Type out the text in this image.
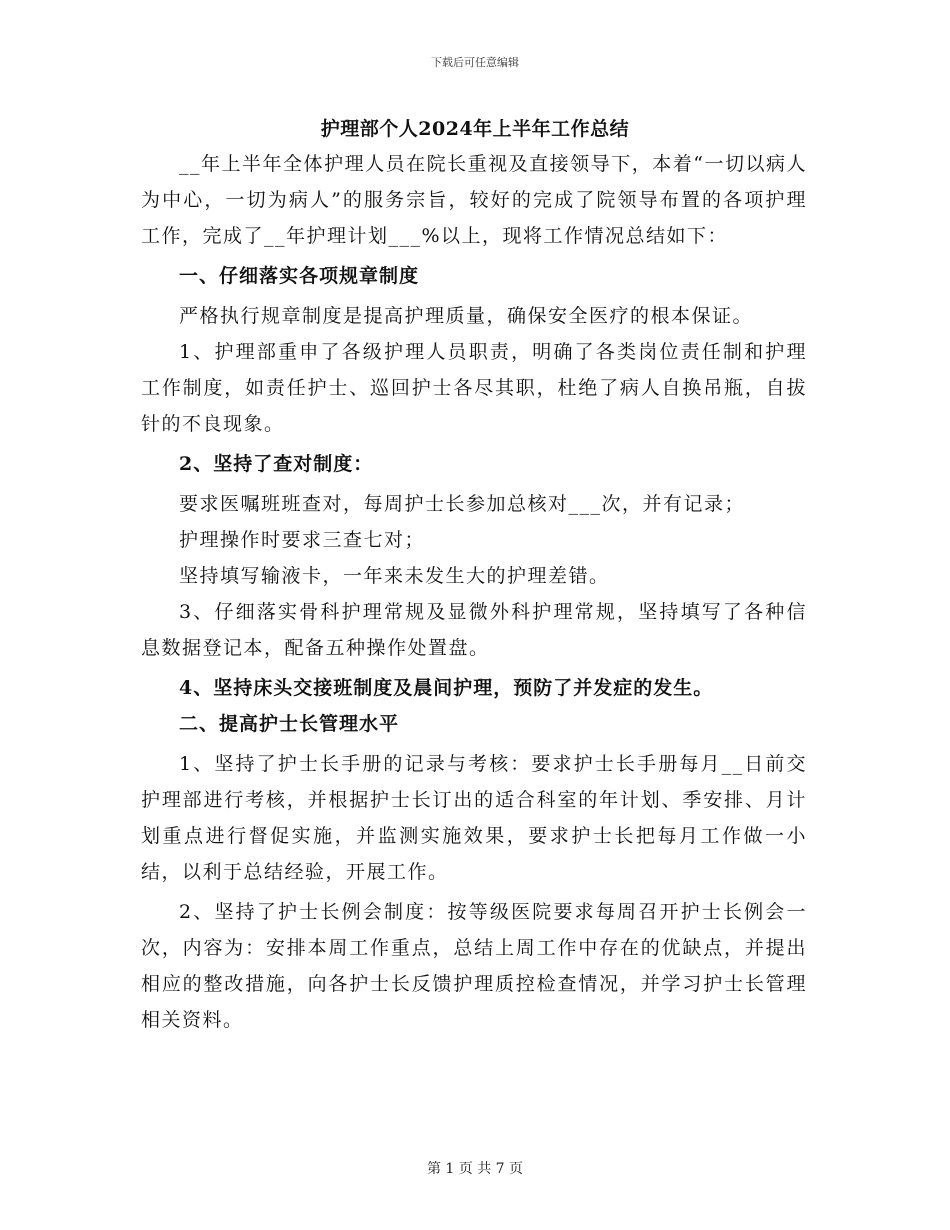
下载后可任意编辑
护理部个人2024年上半年工作总结

__年上半年全体护理人员在院长重视及直接领导下，本着“一切以病人为中心，一切为病人”的服务宗旨，较好的完成了院领导布置的各项护理工作，完成了__年护理计划___%以上，现将工作情况总结如下：

一、仔细落实各项规章制度

严格执行规章制度是提高护理质量，确保安全医疗的根本保证。

1、护理部重申了各级护理人员职责，明确了各类岗位责任制和护理工作制度，如责任护士、巡回护士各尽其职，杜绝了病人自换吊瓶，自拔针的不良现象。

2、坚持了查对制度：

要求医嘱班班查对，每周护士长参加总核对___次，并有记录；

护理操作时要求三查七对；

坚持填写输液卡，一年来未发生大的护理差错。

3、仔细落实骨科护理常规及显微外科护理常规，坚持填写了各种信息数据登记本，配备五种操作处置盘。

4、坚持床头交接班制度及晨间护理，预防了并发症的发生。

二、提高护士长管理水平

1、坚持了护士长手册的记录与考核：要求护士长手册每月__日前交护理部进行考核，并根据护士长订出的适合科室的年计划、季安排、月计划重点进行督促实施，并监测实施效果，要求护士长把每月工作做一小结，以利于总结经验，开展工作。

2、坚持了护士长例会制度：按等级医院要求每周召开护士长例会一次，内容为：安排本周工作重点，总结上周工作中存在的优缺点，并提出相应的整改措施，向各护士长反馈护理质控检查情况，并学习护士长管理相关资料。

第 1 页 共 7 页
